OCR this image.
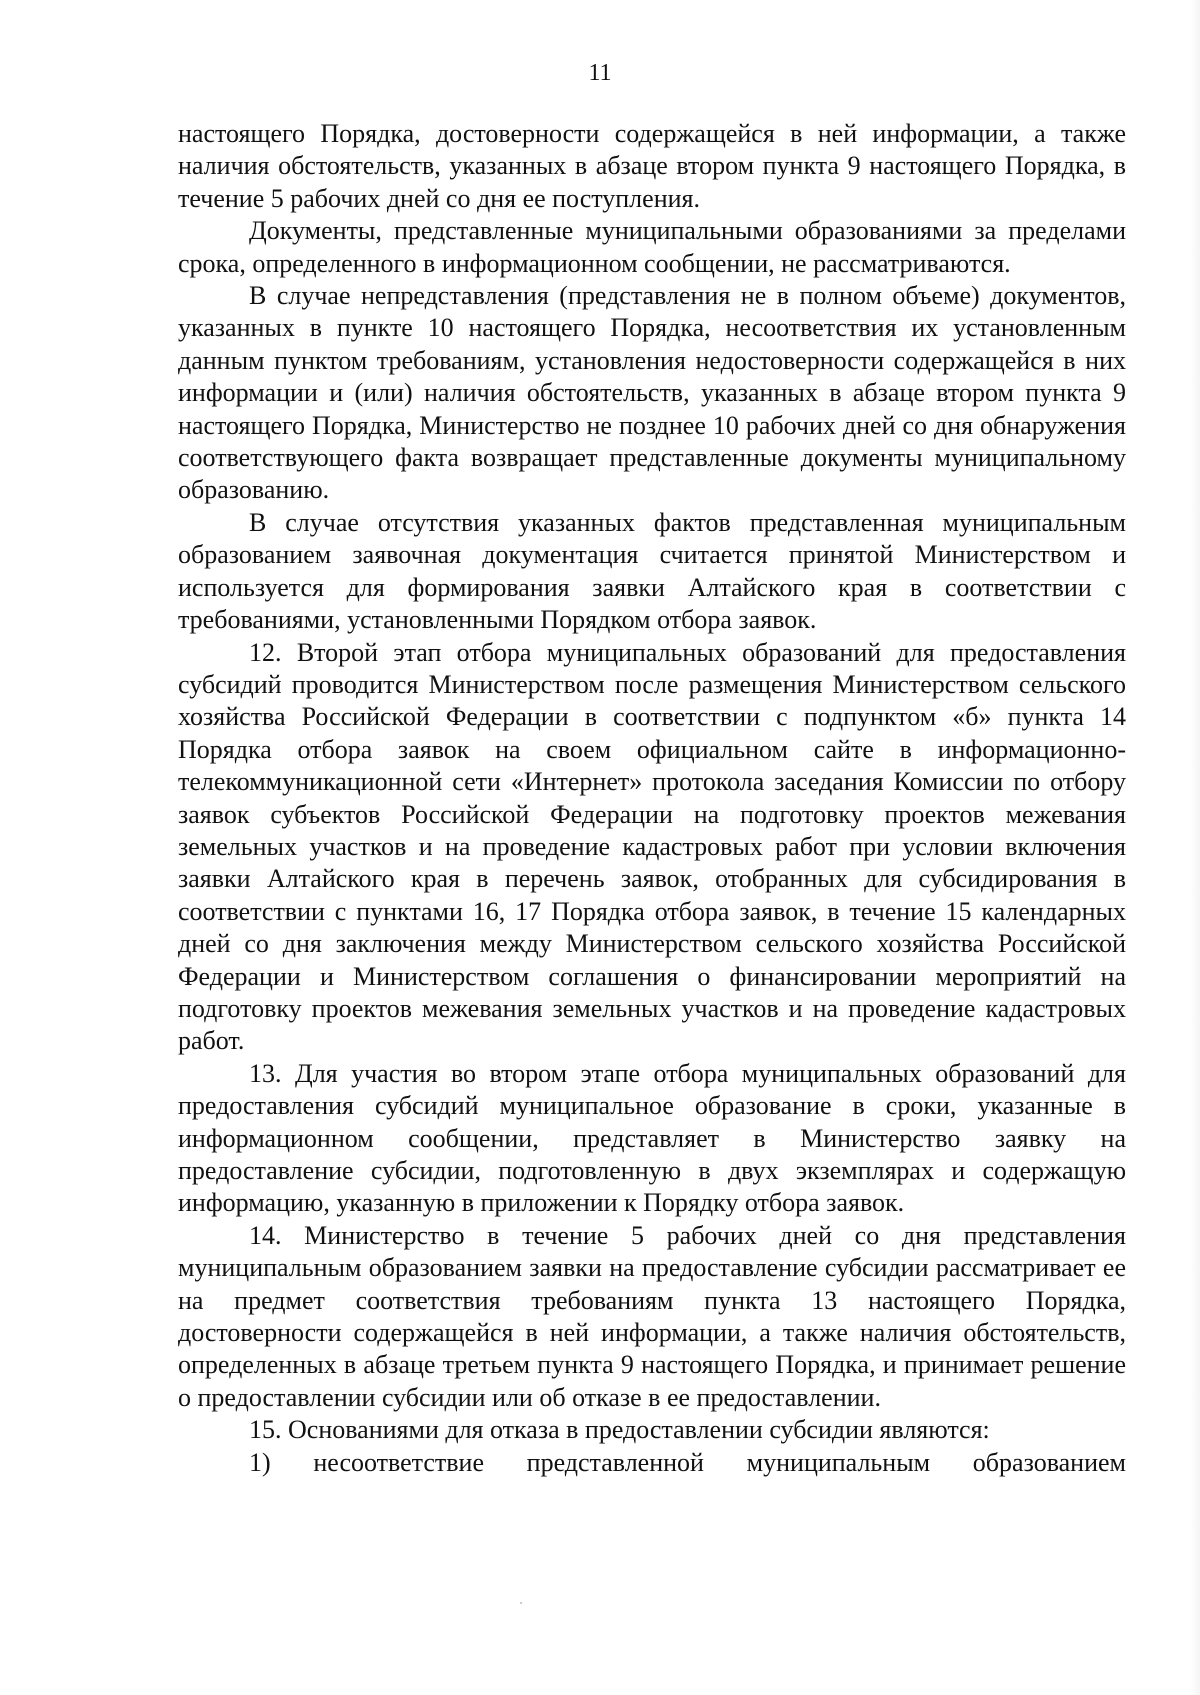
11

настоящего Порядка, достоверности содержащейся в ней информации, а также наличия обстоятельств, указанных в абзаце втором пункта 9 настоящего Порядка, в течение 5 рабочих дней со дня ее поступления.

Документы, представленные муниципальными образованиями за пределами срока, определенного в информационном сообщении, не рассматриваются.

В случае непредставления (представления не в полном объеме) документов, указанных в пункте 10 настоящего Порядка, несоответствия их установленным данным пунктом требованиям, установления недостоверности содержащейся в них информации и (или) наличия обстоятельств, указанных в абзаце втором пункта 9 настоящего Порядка, Министерство не позднее 10 рабочих дней со дня обнаружения соответствующего факта возвращает представленные документы муниципальному образованию.

В случае отсутствия указанных фактов представленная муниципальным образованием заявочная документация считается принятой Министерством и используется для формирования заявки Алтайского края в соответствии с требованиями, установленными Порядком отбора заявок.

12. Второй этап отбора муниципальных образований для предоставления субсидий проводится Министерством после размещения Министерством сельского хозяйства Российской Федерации в соответствии с подпунктом «б» пункта 14 Порядка отбора заявок на своем официальном сайте в информационно-телекоммуникационной сети «Интернет» протокола заседания Комиссии по отбору заявок субъектов Российской Федерации на подготовку проектов межевания земельных участков и на проведение кадастровых работ при условии включения заявки Алтайского края в перечень заявок, отобранных для субсидирования в соответствии с пунктами 16, 17 Порядка отбора заявок, в течение 15 календарных дней со дня заключения между Министерством сельского хозяйства Российской Федерации и Министерством соглашения о финансировании мероприятий на подготовку проектов межевания земельных участков и на проведение кадастровых работ.

13. Для участия во втором этапе отбора муниципальных образований для предоставления субсидий муниципальное образование в сроки, указанные в информационном сообщении, представляет в Министерство заявку на предоставление субсидии, подготовленную в двух экземплярах и содержащую информацию, указанную в приложении к Порядку отбора заявок.

14. Министерство в течение 5 рабочих дней со дня представления муниципальным образованием заявки на предоставление субсидии рассматривает ее на предмет соответствия требованиям пункта 13 настоящего Порядка, достоверности содержащейся в ней информации, а также наличия обстоятельств, определенных в абзаце третьем пункта 9 настоящего Порядка, и принимает решение о предоставлении субсидии или об отказе в ее предоставлении.

15. Основаниями для отказа в предоставлении субсидии являются:

1) несоответствие представленной муниципальным образованием
